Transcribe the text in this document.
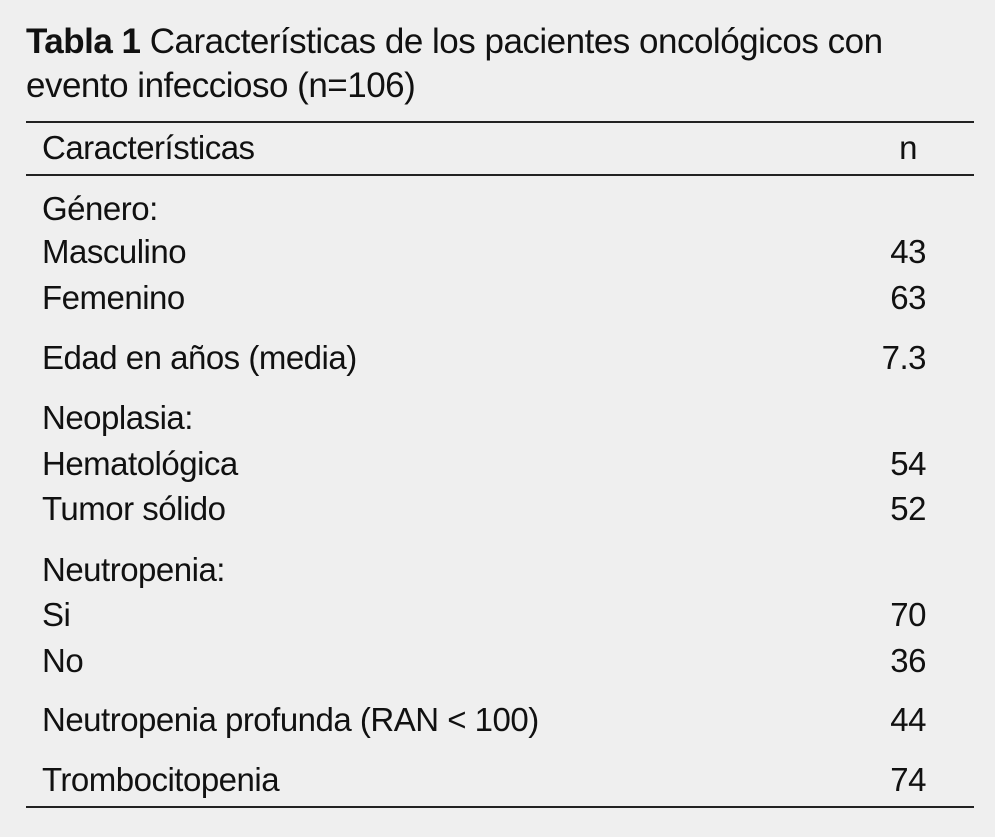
Tabla 1 Características de los pacientes oncológicos con evento infeccioso (n=106)
Características	n
Género:
Masculino	43
Femenino	63
Edad en años (media)	7.3
Neoplasia:
Hematológica	54
Tumor sólido	52
Neutropenia:
Si	70
No	36
Neutropenia profunda (RAN < 100)	44
Trombocitopenia	74
